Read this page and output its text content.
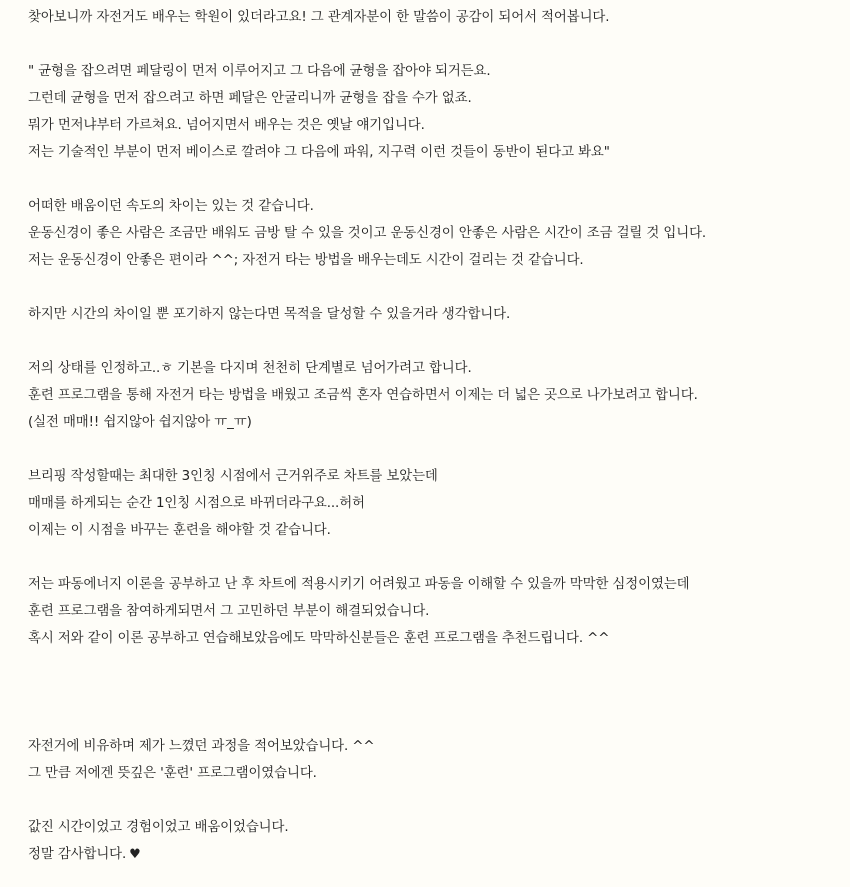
찾아보니까 자전거도 배우는 학원이 있더라고요! 그 관계자분이 한 말씀이 공감이 되어서 적어봅니다.
" 균형을 잡으려면 페달링이 먼저 이루어지고 그 다음에 균형을 잡아야 되거든요.
그런데 균형을 먼저 잡으려고 하면 페달은 안굴리니까 균형을 잡을 수가 없죠.
뭐가 먼저냐부터 가르쳐요. 넘어지면서 배우는 것은 옛날 얘기입니다.
저는 기술적인 부분이 먼저 베이스로 깔려야 그 다음에 파워, 지구력 이런 것들이 동반이 된다고 봐요"
어떠한 배움이던 속도의 차이는 있는 것 같습니다.
운동신경이 좋은 사람은 조금만 배워도 금방 탈 수 있을 것이고 운동신경이 안좋은 사람은 시간이 조금 걸릴 것 입니다.
저는 운동신경이 안좋은 편이라 ^^; 자전거 타는 방법을 배우는데도 시간이 걸리는 것 같습니다.
하지만 시간의 차이일 뿐 포기하지 않는다면 목적을 달성할 수 있을거라 생각합니다.
저의 상태를 인정하고..ㅎ 기본을 다지며 천천히 단계별로 넘어가려고 합니다.
훈련 프로그램을 통해 자전거 타는 방법을 배웠고 조금씩 혼자 연습하면서 이제는 더 넓은 곳으로 나가보려고 합니다.
(실전 매매!! 쉽지않아 쉽지않아 ㅠ_ㅠ)
브리핑 작성할때는 최대한 3인칭 시점에서 근거위주로 차트를 보았는데
매매를 하게되는 순간 1인칭 시점으로 바뀌더라구요...허허
이제는 이 시점을 바꾸는 훈련을 해야할 것 같습니다.
저는 파동에너지 이론을 공부하고 난 후 차트에 적용시키기 어려웠고 파동을 이해할 수 있을까 막막한 심정이였는데
훈련 프로그램을 참여하게되면서 그 고민하던 부분이 해결되었습니다.
혹시 저와 같이 이론 공부하고 연습해보았음에도 막막하신분들은 훈련 프로그램을 추천드립니다. ^^
자전거에 비유하며 제가 느꼈던 과정을 적어보았습니다. ^^
그 만큼 저에겐 뜻깊은 '훈련' 프로그램이였습니다.
값진 시간이었고 경험이었고 배움이었습니다.
정말 감사합니다. ♥
